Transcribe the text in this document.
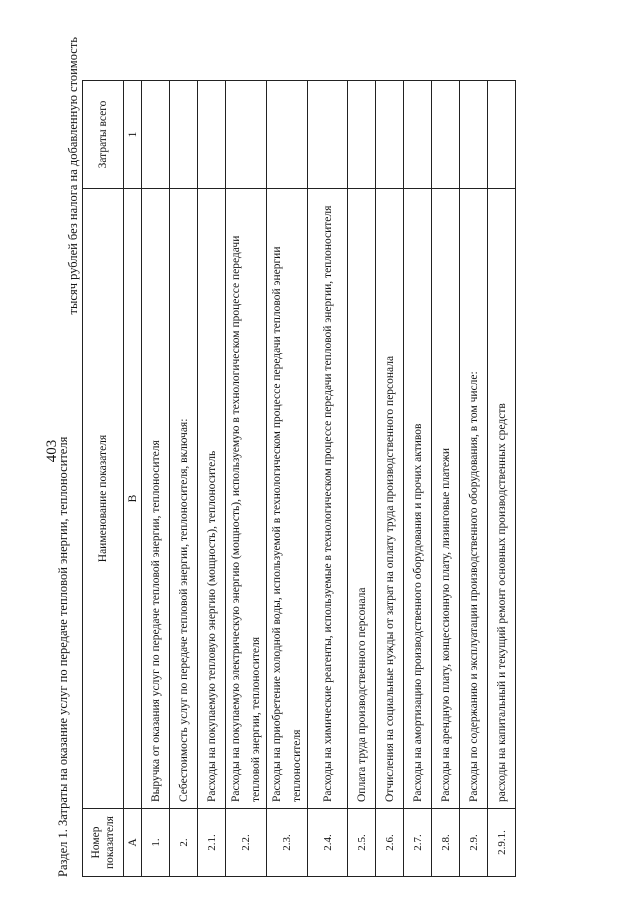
403
Раздел 1. Затраты на оказание услуг по передаче тепловой энергии, теплоносителя
тысяч рублей без налога на добавленную стоимость
Номер показателя	Наименование показателя	Затраты всего
А	В	1
1.	Выручка от оказания услуг по передаче тепловой энергии, теплоносителя	
2.	Себестоимость услуг по передаче тепловой энергии, теплоносителя, включая:	
2.1.	Расходы на покупаемую тепловую энергию (мощность), теплоноситель	
2.2.	Расходы на покупаемую электрическую энергию (мощность), используемую в технологическом процессе передачи тепловой энергии, теплоносителя	
2.3.	Расходы на приобретение холодной воды, используемой в технологическом процессе передачи тепловой энергии теплоносителя	
2.4.	Расходы на химические реагенты, используемые в технологическом процессе передачи тепловой энергии, теплоносителя	
2.5.	Оплата труда производственного персонала	
2.6.	Отчисления на социальные нужды от затрат на оплату труда производственного персонала	
2.7.	Расходы на амортизацию производственного оборудования и прочих активов	
2.8.	Расходы на арендную плату, концессионную плату, лизинговые платежи	
2.9.	Расходы по содержанию и эксплуатации производственного оборудования, в том числе:	
2.9.1.	расходы на капитальный и текущий ремонт основных производственных средств	
